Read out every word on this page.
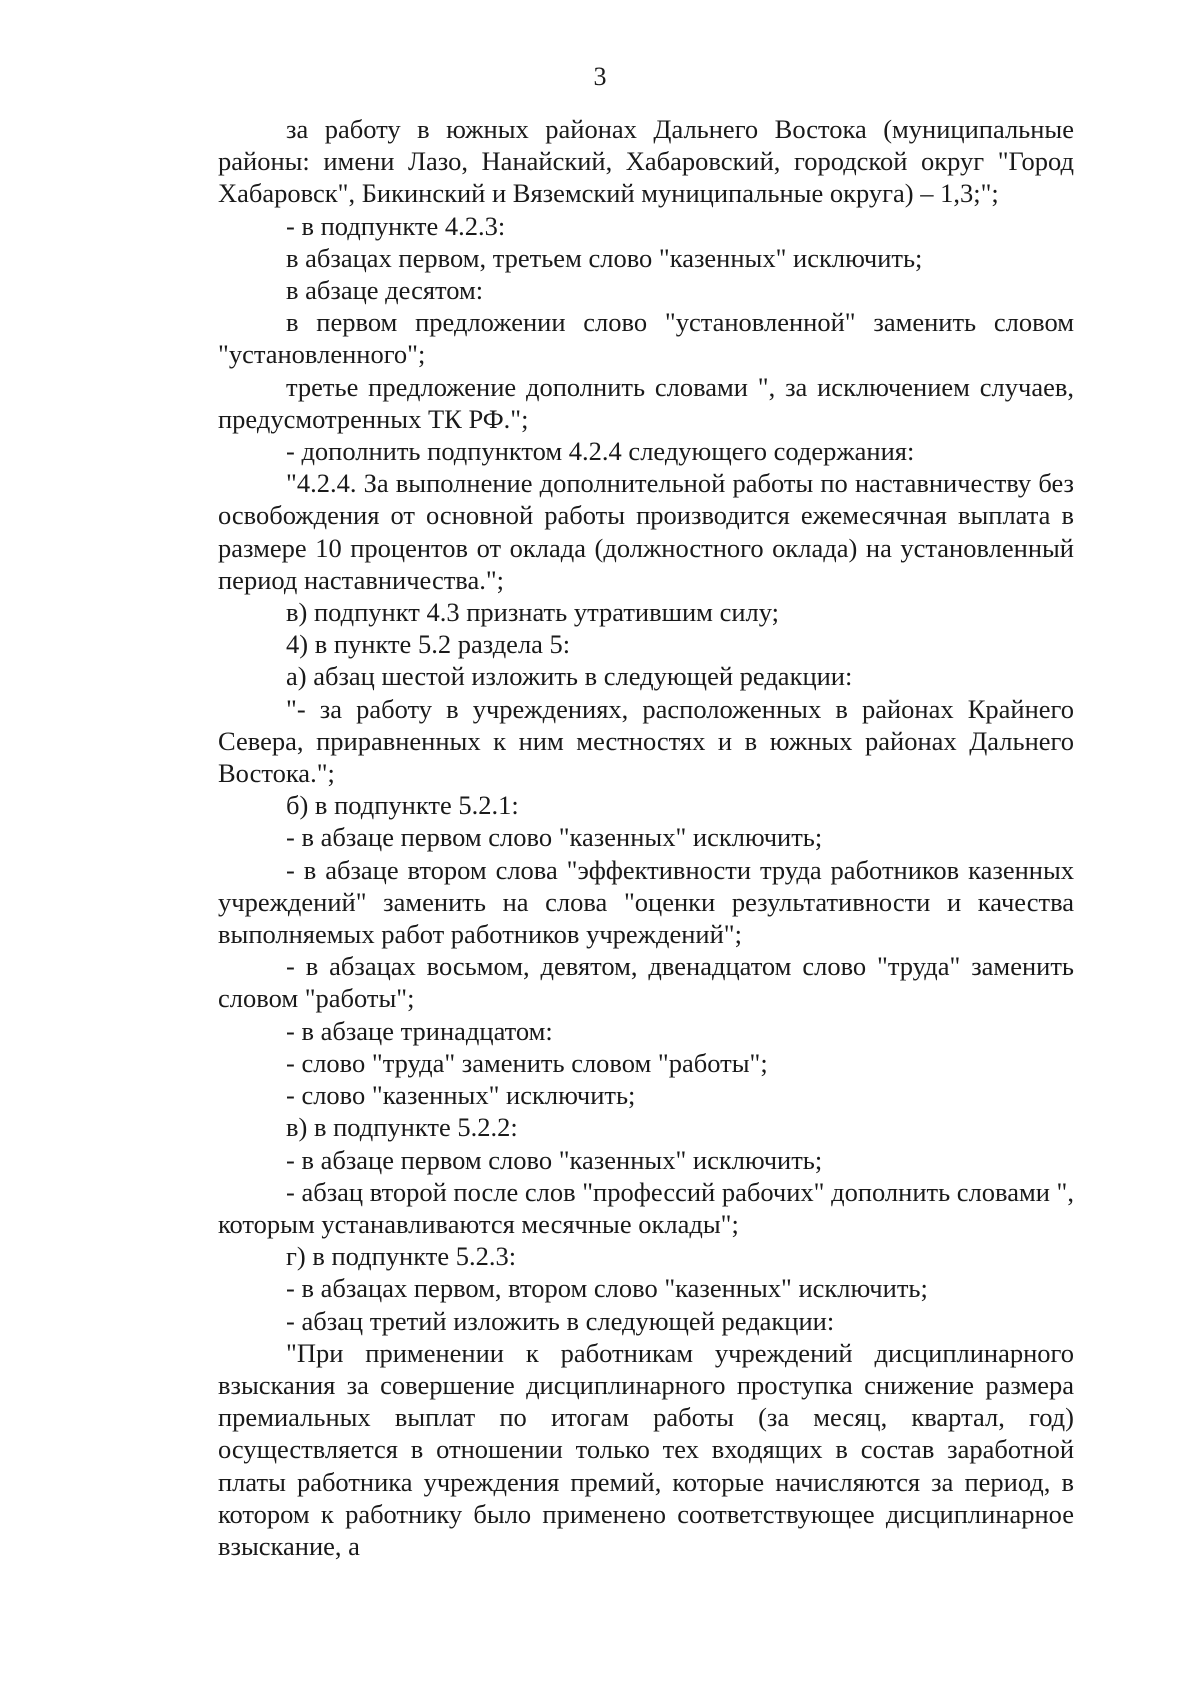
3

за работу в южных районах Дальнего Востока (муниципальные районы: имени Лазо, Нанайский, Хабаровский, городской округ "Город Хабаровск", Бикинский и Вяземский муниципальные округа) – 1,3;";

- в подпункте 4.2.3:

в абзацах первом, третьем слово "казенных" исключить;

в абзаце десятом:

в первом предложении слово "установленной" заменить словом "установленного";

третье предложение дополнить словами ", за исключением случаев, предусмотренных ТК РФ.";

- дополнить подпунктом 4.2.4 следующего содержания:

"4.2.4. За выполнение дополнительной работы по наставничеству без освобождения от основной работы производится ежемесячная выплата в размере 10 процентов от оклада (должностного оклада) на установленный период наставничества.";

в) подпункт 4.3 признать утратившим силу;

4) в пункте 5.2 раздела 5:

а) абзац шестой изложить в следующей редакции:

"- за работу в учреждениях, расположенных в районах Крайнего Севера, приравненных к ним местностях и в южных районах Дальнего Востока.";

б) в подпункте 5.2.1:

- в абзаце первом слово "казенных" исключить;

- в абзаце втором слова "эффективности труда работников казенных учреждений" заменить на слова "оценки результативности и качества выполняемых работ работников учреждений";

- в абзацах восьмом, девятом, двенадцатом слово "труда" заменить словом "работы";

- в абзаце тринадцатом:

- слово "труда" заменить словом "работы";

- слово "казенных" исключить;

в) в подпункте 5.2.2:

- в абзаце первом слово "казенных" исключить;

- абзац второй после слов "профессий рабочих" дополнить словами ", которым устанавливаются месячные оклады";

г) в подпункте 5.2.3:

- в абзацах первом, втором слово "казенных" исключить;

- абзац третий изложить в следующей редакции:

"При применении к работникам учреждений дисциплинарного взыскания за совершение дисциплинарного проступка снижение размера премиальных выплат по итогам работы (за месяц, квартал, год) осуществляется в отношении только тех входящих в состав заработной платы работника учреждения премий, которые начисляются за период, в котором к работнику было применено соответствующее дисциплинарное взыскание, а
